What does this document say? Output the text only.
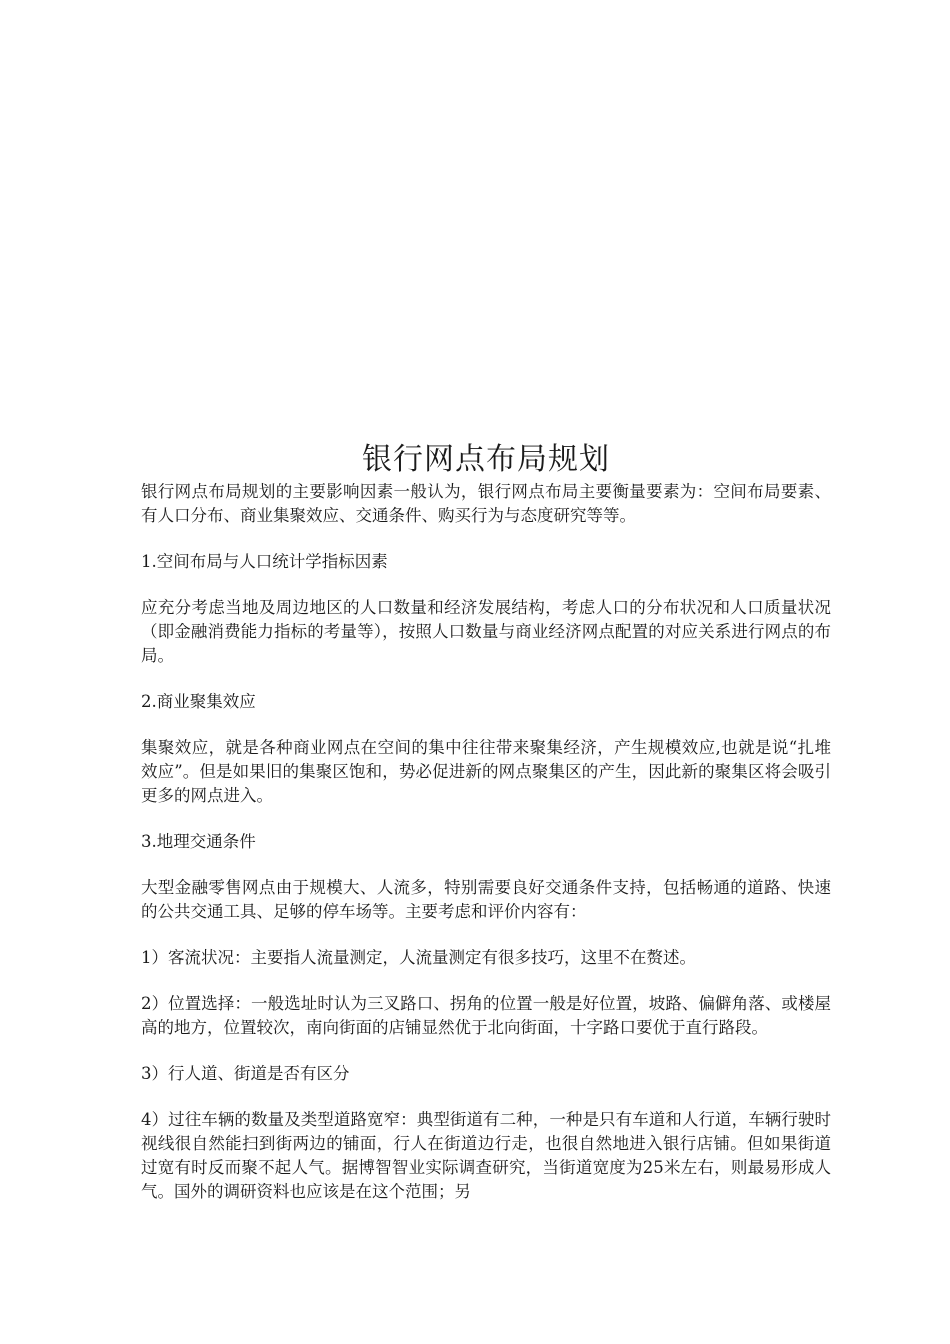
银行网点布局规划

银行网点布局规划的主要影响因素一般认为，银行网点布局主要衡量要素为：空间布局要素、有人口分布、商业集聚效应、交通条件、购买行为与态度研究等等。

1.空间布局与人口统计学指标因素

应充分考虑当地及周边地区的人口数量和经济发展结构，考虑人口的分布状况和人口质量状况（即金融消费能力指标的考量等），按照人口数量与商业经济网点配置的对应关系进行网点的布局。

2.商业聚集效应

集聚效应，就是各种商业网点在空间的集中往往带来聚集经济，产生规模效应,也就是说“扎堆效应”。但是如果旧的集聚区饱和，势必促进新的网点聚集区的产生，因此新的聚集区将会吸引更多的网点进入。

3.地理交通条件

大型金融零售网点由于规模大、人流多，特别需要良好交通条件支持，包括畅通的道路、快速的公共交通工具、足够的停车场等。主要考虑和评价内容有：

1）客流状况：主要指人流量测定，人流量测定有很多技巧，这里不在赘述。

2）位置选择：一般选址时认为三叉路口、拐角的位置一般是好位置，坡路、偏僻角落、或楼屋高的地方，位置较次，南向街面的店铺显然优于北向街面，十字路口要优于直行路段。

3）行人道、街道是否有区分

4）过往车辆的数量及类型道路宽窄：典型街道有二种，一种是只有车道和人行道，车辆行驶时视线很自然能扫到街两边的铺面，行人在街道边行走，也很自然地进入银行店铺。但如果街道过宽有时反而聚不起人气。据博智智业实际调查研究，当街道宽度为25米左右，则最易形成人气。国外的调研资料也应该是在这个范围；另
